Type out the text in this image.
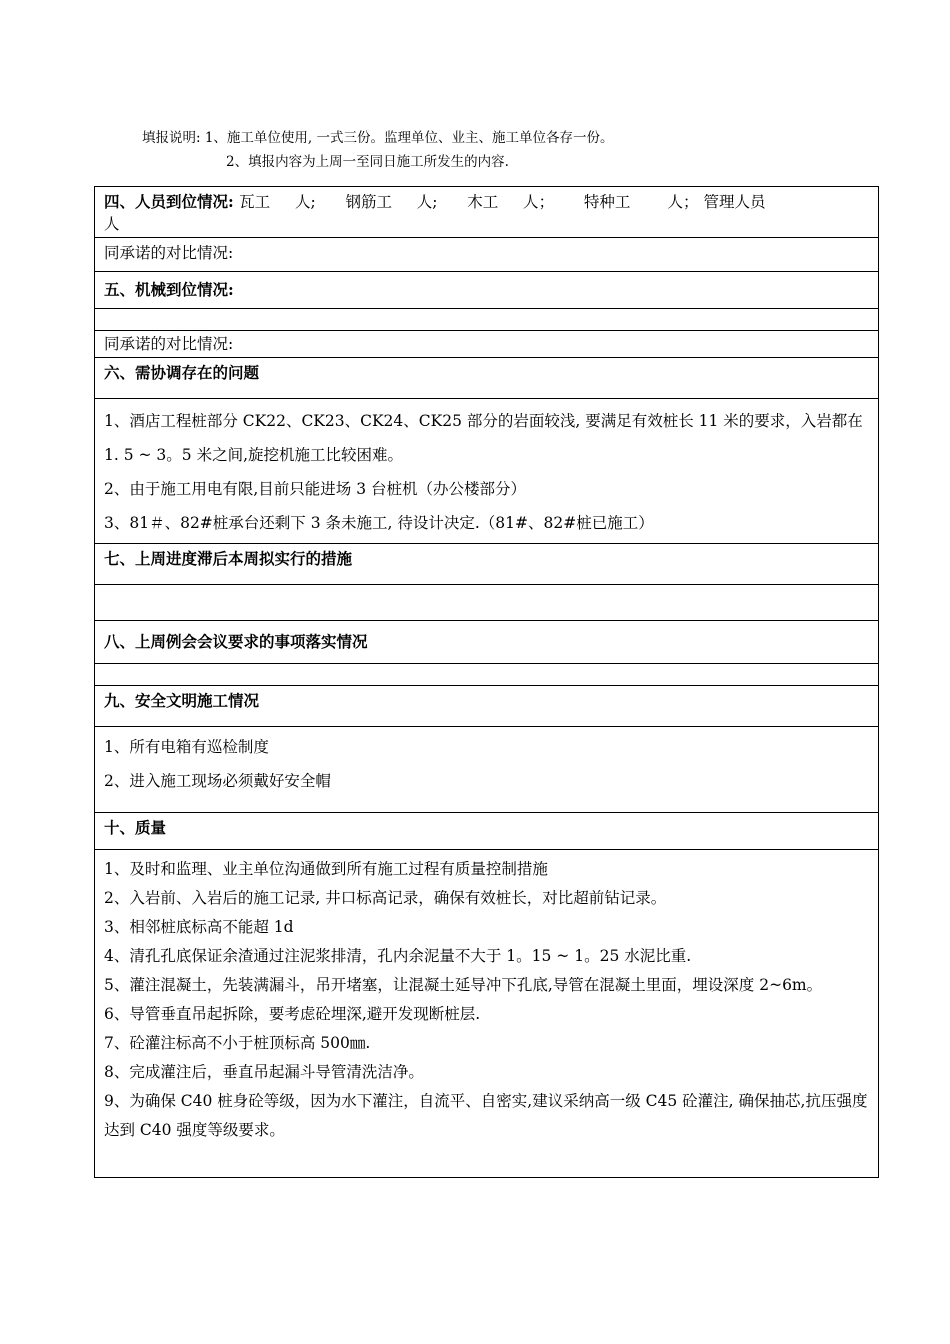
填报说明: 1、施工单位使用, 一式三份。监理单位、业主、施工单位各存一份。
2、填报内容为上周一至同日施工所发生的内容.
四、人员到位情况: 瓦工 人; 钢筋工 人; 木工 人； 特种工 人； 管理人员
人
同承诺的对比情况:
五、机械到位情况:

同承诺的对比情况:
六、需协调存在的问题

1、酒店工程桩部分 CK22、CK23、CK24、CK25 部分的岩面较浅, 要满足有效桩长 11 米的要求，入岩都在 1. 5 ~ 3。5 米之间,旋挖机施工比较困难。
2、由于施工用电有限,目前只能进场 3 台桩机（办公楼部分）
3、81＃、82#桩承台还剩下 3 条未施工, 待设计决定.（81#、82#桩已施工）

七、上周进度滞后本周拟实行的措施

八、上周例会会议要求的事项落实情况

九、安全文明施工情况

1、所有电箱有巡检制度
2、进入施工现场必须戴好安全帽

十、质量

1、及时和监理、业主单位沟通做到所有施工过程有质量控制措施
2、入岩前、入岩后的施工记录, 井口标高记录，确保有效桩长，对比超前钻记录。
3、相邻桩底标高不能超 1d
4、清孔孔底保证余渣通过注泥浆排清，孔内余泥量不大于 1。15 ~ 1。25 水泥比重.
5、灌注混凝土，先装满漏斗，吊开堵塞，让混凝土延导冲下孔底,导管在混凝土里面，埋设深度 2~6m。
6、导管垂直吊起拆除，要考虑砼埋深,避开发现断桩层.
7、砼灌注标高不小于桩顶标高 500㎜.
8、完成灌注后，垂直吊起漏斗导管清洗洁净。
9、为确保 C40 桩身砼等级，因为水下灌注，自流平、自密实,建议采纳高一级 C45 砼灌注, 确保抽芯,抗压强度达到 C40 强度等级要求。
